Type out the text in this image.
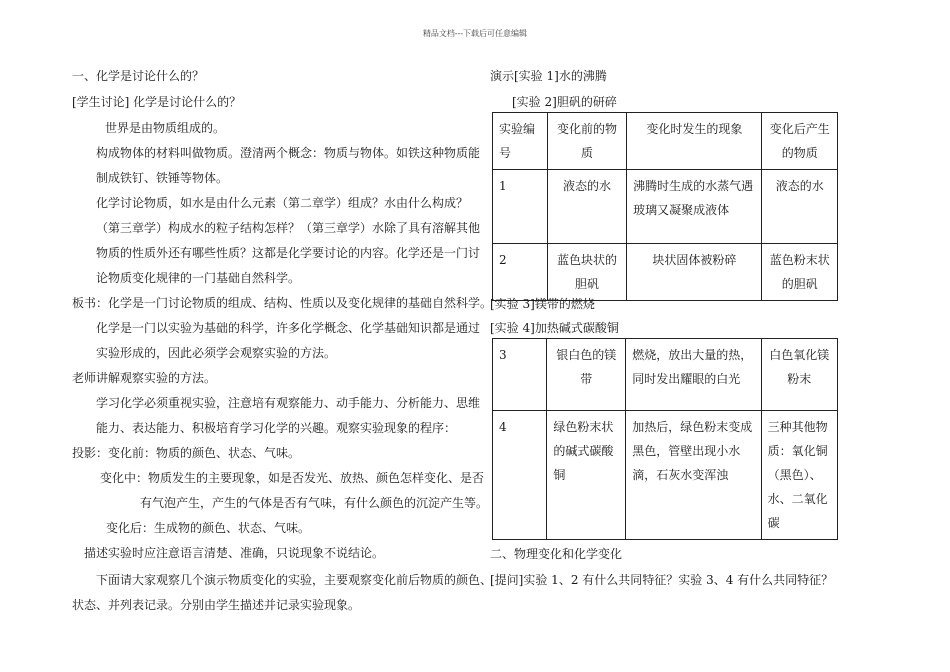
精品文档---下载后可任意编辑
一、化学是讨论什么的？
[学生讨论] 化学是讨论什么的？
世界是由物质组成的。
构成物体的材料叫做物质。澄清两个概念：物质与物体。如铁这种物质能
制成铁钉、铁锤等物体。
化学讨论物质，如水是由什么元素（第二章学）组成？水由什么构成？
（第三章学）构成水的粒子结构怎样？（第三章学）水除了具有溶解其他
物质的性质外还有哪些性质？这都是化学要讨论的内容。化学还是一门讨
论物质变化规律的一门基础自然科学。
板书：化学是一门讨论物质的组成、结构、性质以及变化规律的基础自然科学。
化学是一门以实验为基础的科学，许多化学概念、化学基础知识都是通过
实验形成的，因此必须学会观察实验的方法。
老师讲解观察实验的方法。
学习化学必须重视实验，注意培有观察能力、动手能力、分析能力、思维
能力、表达能力、积极培育学习化学的兴趣。观察实验现象的程序：
投影：变化前：物质的颜色、状态、气味。
变化中：物质发生的主要现象，如是否发光、放热、颜色怎样变化、是否
有气泡产生，产生的气体是否有气味，有什么颜色的沉淀产生等。
变化后：生成物的颜色、状态、气味。
描述实验时应注意语言清楚、准确，只说现象不说结论。
下面请大家观察几个演示物质变化的实验，主要观察变化前后物质的颜色、
状态、并列表记录。分别由学生描述并记录实验现象。
演示[实验 1]水的沸腾
[实验 2]胆矾的研碎
实验编号	变化前的物质	变化时发生的现象	变化后产生的物质
1	液态的水	沸腾时生成的水蒸气遇玻璃又凝聚成液体	液态的水
2	蓝色块状的胆矾	块状固体被粉碎	蓝色粉末状的胆矾
[实验 3]镁带的燃烧
[实验 4]加热碱式碳酸铜
3	银白色的镁带	燃烧，放出大量的热，同时发出耀眼的白光	白色氧化镁粉末
4	绿色粉末状的碱式碳酸铜	加热后，绿色粉末变成黑色，管壁出现小水滴，石灰水变浑浊	三种其他物质：氧化铜（黑色）、水、二氧化碳
二、物理变化和化学变化
[提问]实验 1、2 有什么共同特征？实验 3、4 有什么共同特征？
